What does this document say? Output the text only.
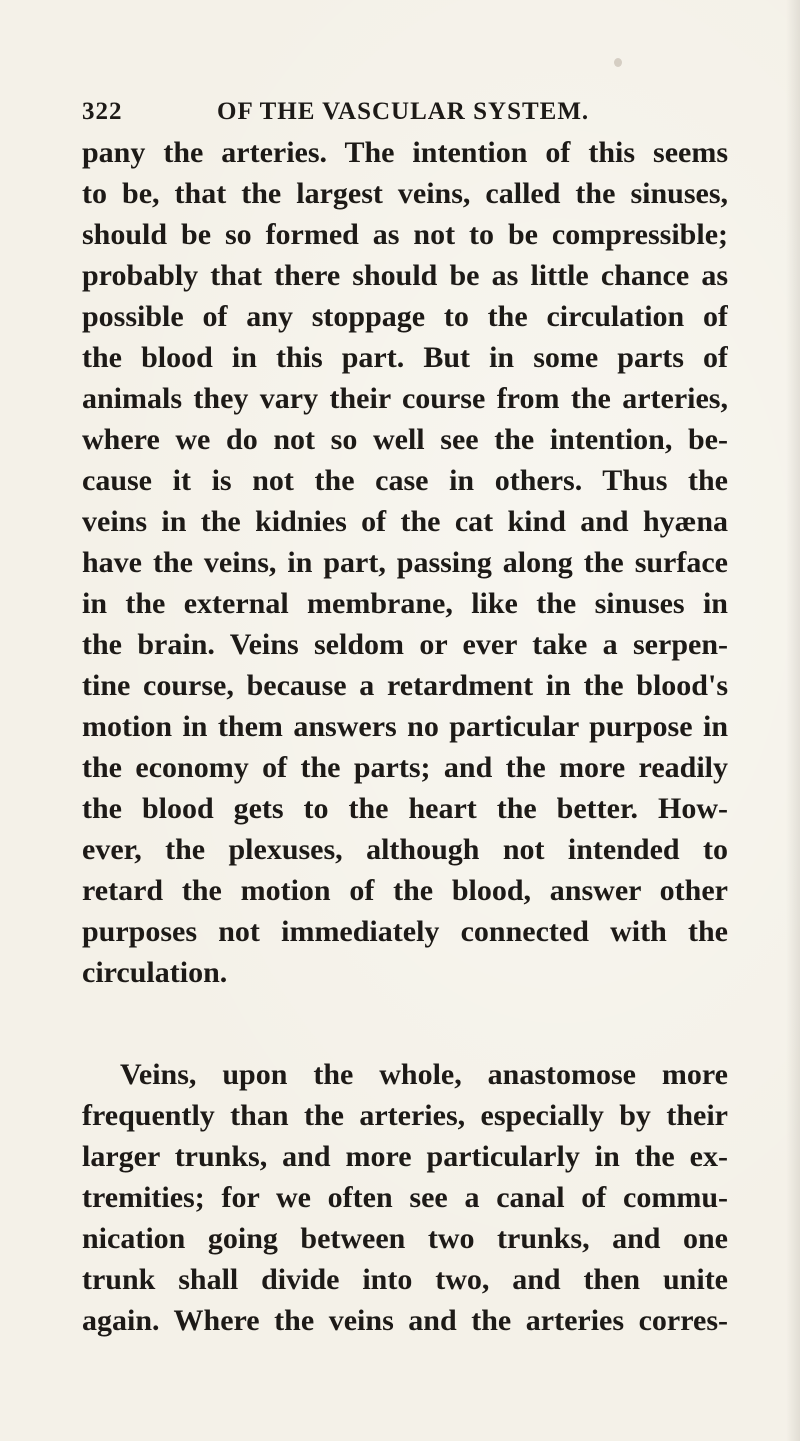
322	OF THE VASCULAR SYSTEM.
pany the arteries. The intention of this seems
to be, that the largest veins, called the sinuses,
should be so formed as not to be compressible;
probably that there should be as little chance as
possible of any stoppage to the circulation of
the blood in this part. But in some parts of
animals they vary their course from the arteries,
where we do not so well see the intention, be-
cause it is not the case in others. Thus the
veins in the kidnies of the cat kind and hyæna
have the veins, in part, passing along the surface
in the external membrane, like the sinuses in
the brain. Veins seldom or ever take a serpen-
tine course, because a retardment in the blood's
motion in them answers no particular purpose in
the economy of the parts; and the more readily
the blood gets to the heart the better. How-
ever, the plexuses, although not intended to
retard the motion of the blood, answer other
purposes not immediately connected with the
circulation.
Veins, upon the whole, anastomose more
frequently than the arteries, especially by their
larger trunks, and more particularly in the ex-
tremities; for we often see a canal of commu-
nication going between two trunks, and one
trunk shall divide into two, and then unite
again. Where the veins and the arteries corres-
